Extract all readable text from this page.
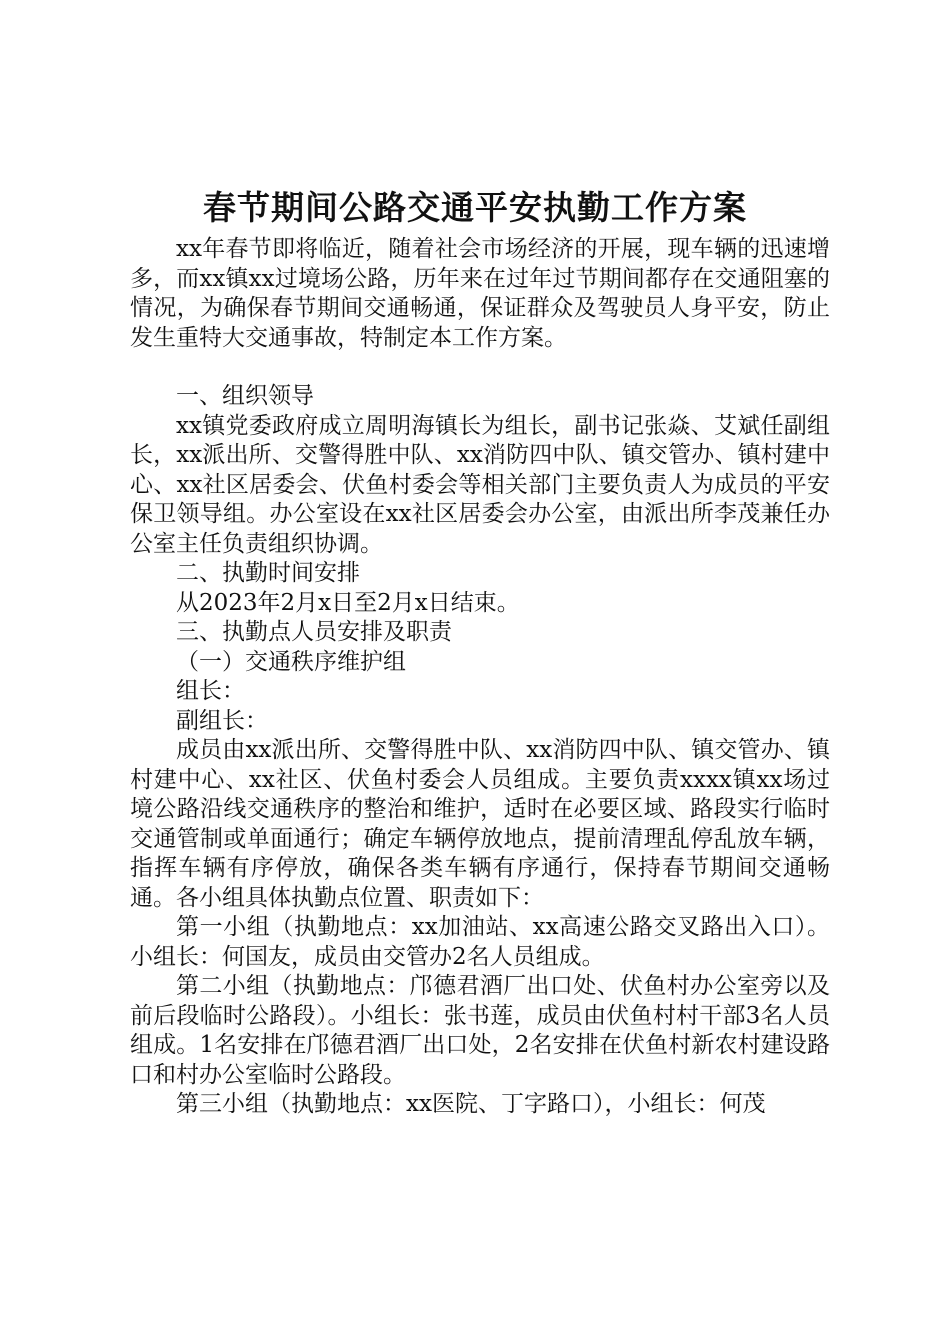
春节期间公路交通平安执勤工作方案

xx年春节即将临近，随着社会市场经济的开展，现车辆的迅速增多，而xx镇xx过境场公路，历年来在过年过节期间都存在交通阻塞的情况，为确保春节期间交通畅通，保证群众及驾驶员人身平安，防止发生重特大交通事故，特制定本工作方案。

一、组织领导

xx镇党委政府成立周明海镇长为组长，副书记张焱、艾斌任副组长，xx派出所、交警得胜中队、xx消防四中队、镇交管办、镇村建中心、xx社区居委会、伏鱼村委会等相关部门主要负责人为成员的平安保卫领导组。办公室设在xx社区居委会办公室，由派出所李茂兼任办公室主任负责组织协调。

二、执勤时间安排

从2023年2月x日至2月x日结束。

三、执勤点人员安排及职责

（一）交通秩序维护组

组长：

副组长：

成员由xx派出所、交警得胜中队、xx消防四中队、镇交管办、镇村建中心、xx社区、伏鱼村委会人员组成。主要负责xxxx镇xx场过境公路沿线交通秩序的整治和维护，适时在必要区域、路段实行临时交通管制或单面通行；确定车辆停放地点，提前清理乱停乱放车辆，指挥车辆有序停放，确保各类车辆有序通行，保持春节期间交通畅通。各小组具体执勤点位置、职责如下：

第一小组（执勤地点：xx加油站、xx高速公路交叉路出入口）。小组长：何国友，成员由交管办2名人员组成。

第二小组（执勤地点：邝德君酒厂出口处、伏鱼村办公室旁以及前后段临时公路段）。小组长：张书莲，成员由伏鱼村村干部3名人员组成。1名安排在邝德君酒厂出口处，2名安排在伏鱼村新农村建设路口和村办公室临时公路段。

第三小组（执勤地点：xx医院、丁字路口），小组长：何茂
